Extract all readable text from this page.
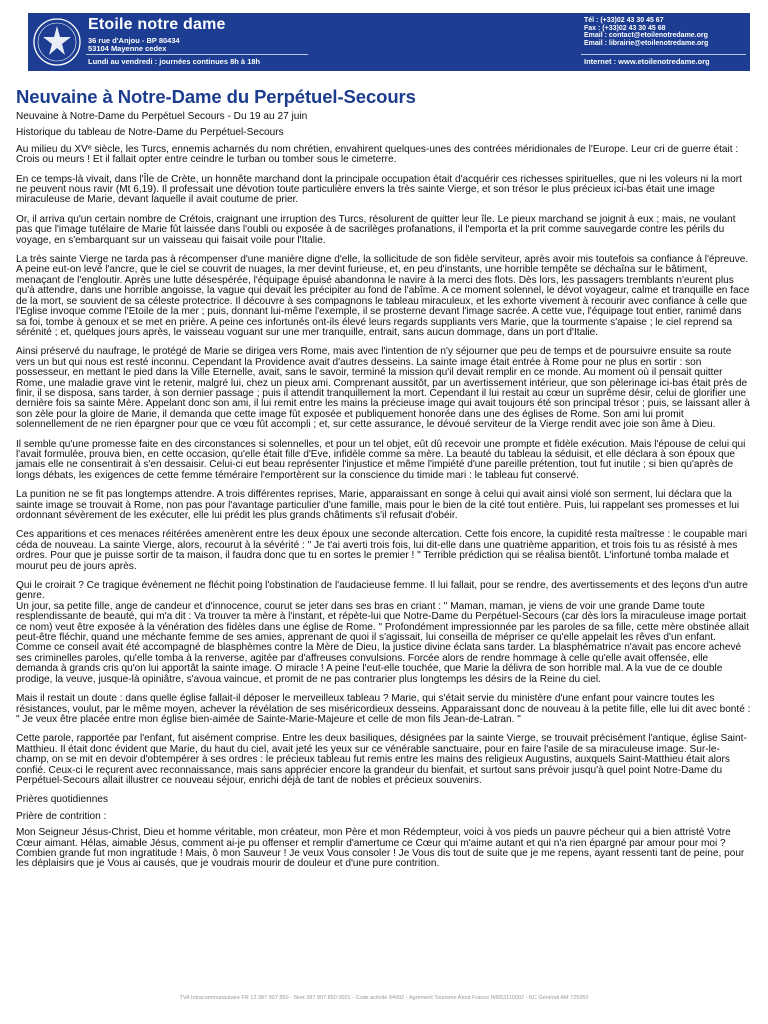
Etoile notre dame
36 rue d'Anjou - BP 80434
53104 Mayenne cedex
Lundi au vendredi : journées continues 8h à 18h
Tél : (+33)02 43 30 45 67
Fax : (+33)02 43 30 45 68
Email : contact@etoilenotredame.org
Email : librairie@etoilenotredame.org
Internet : www.etoilenotredame.org
Neuvaine à Notre-Dame du Perpétuel-Secours

Neuvaine à Notre-Dame du Perpétuel Secours - Du 19 au 27 juin

Historique du tableau de Notre-Dame du Perpétuel-Secours

Au milieu du XVᵉ siècle, les Turcs, ennemis acharnés du nom chrétien, envahirent quelques-unes des contrées méridionales de l'Europe. Leur cri de guerre était : Crois ou meurs ! Et il fallait opter entre ceindre le turban ou tomber sous le cimeterre.

En ce temps-là vivait, dans l'Île de Crète, un honnête marchand dont la principale occupation était d'acquérir ces richesses spirituelles, que ni les voleurs ni la mort ne peuvent nous ravir (Mt 6,19). Il professait une dévotion toute particulière envers la très sainte Vierge, et son trésor le plus précieux ici-bas était une image miraculeuse de Marie, devant laquelle il avait coutume de prier.

Or, il arriva qu'un certain nombre de Crétois, craignant une irruption des Turcs, résolurent de quitter leur île. Le pieux marchand se joignit à eux ; mais, ne voulant pas que l'image tutélaire de Marie fût laissée dans l'oubli ou exposée à de sacrilèges profanations, il l'emporta et la prit comme sauvegarde contre les périls du voyage, en s'embarquant sur un vaisseau qui faisait voile pour l'Italie.

La très sainte Vierge ne tarda pas à récompenser d'une manière digne d'elle, la sollicitude de son fidèle serviteur, après avoir mis toutefois sa confiance à l'épreuve. A peine eut-on levé l'ancre, que le ciel se couvrit de nuages, la mer devint furieuse, et, en peu d'instants, une horrible tempête se déchaîna sur le bâtiment, menaçant de l'engloutir. Après une lutte désespérée, l'équipage épuisé abandonna le navire à la merci des flots. Dès lors, les passagers tremblants n'eurent plus qu'à attendre, dans une horrible angoisse, la vague qui devait les précipiter au fond de l'abîme. A ce moment solennel, le dévot voyageur, calme et tranquille en face de la mort, se souvient de sa céleste protectrice. Il découvre à ses compagnons le tableau miraculeux, et les exhorte vivement à recourir avec confiance à celle que l'Eglise invoque comme l'Etoile de la mer ; puis, donnant lui-même l'exemple, il se prosterne devant l'image sacrée. A cette vue, l'équipage tout entier, ranimé dans sa foi, tombe à genoux et se met en prière. A peine ces infortunés ont-ils élevé leurs regards suppliants vers Marie, que la tourmente s'apaise ; le ciel reprend sa sérénité ; et, quelques jours après, le vaisseau voguant sur une mer tranquille, entrait, sans aucun dommage, dans un port d'Italie.

Ainsi préservé du naufrage, le protégé de Marie se dirigea vers Rome, mais avec l'intention de n'y séjourner que peu de temps et de poursuivre ensuite sa route vers un but qui nous est resté inconnu. Cependant la Providence avait d'autres desseins. La sainte image était entrée à Rome pour ne plus en sortir : son possesseur, en mettant le pied dans la Ville Eternelle, avait, sans le savoir, terminé la mission qu'il devait remplir en ce monde. Au moment où il pensait quitter Rome, une maladie grave vint le retenir, malgré lui, chez un pieux ami. Comprenant aussitôt, par un avertissement intérieur, que son pèlerinage ici-bas était près de finir, il se disposa, sans tarder, à son dernier passage ; puis il attendit tranquillement la mort. Cependant il lui restait au cœur un suprême désir, celui de glorifier une dernière fois sa sainte Mère. Appelant donc son ami, il lui remit entre les mains la précieuse image qui avait toujours été son principal trésor ; puis, se laissant aller à son zèle pour la gloire de Marie, il demanda que cette image fût exposée et publiquement honorée dans une des églises de Rome. Son ami lui promit solennellement de ne rien épargner pour que ce vœu fût accompli ; et, sur cette assurance, le dévoué serviteur de la Vierge rendit avec joie son âme à Dieu.

Il semble qu'une promesse faite en des circonstances si solennelles, et pour un tel objet, eût dû recevoir une prompte et fidèle exécution. Mais l'épouse de celui qui l'avait formulée, prouva bien, en cette occasion, qu'elle était fille d'Eve, infidèle comme sa mère. La beauté du tableau la séduisit, et elle déclara à son époux que jamais elle ne consentirait à s'en dessaisir. Celui-ci eut beau représenter l'injustice et même l'impiété d'une pareille prétention, tout fut inutile ; si bien qu'après de longs débats, les exigences de cette femme téméraire l'emportèrent sur la conscience du timide mari : le tableau fut conservé.

La punition ne se fit pas longtemps attendre. A trois différentes reprises, Marie, apparaissant en songe à celui qui avait ainsi violé son serment, lui déclara que la sainte image se trouvait à Rome, non pas pour l'avantage particulier d'une famille, mais pour le bien de la cité tout entière. Puis, lui rappelant ses promesses et lui ordonnant sévèrement de les exécuter, elle lui prédit les plus grands châtiments s'il refusait d'obéir.

Ces apparitions et ces menaces réitérées amenèrent entre les deux époux une seconde altercation. Cette fois encore, la cupidité resta maîtresse : le coupable mari céda de nouveau. La sainte Vierge, alors, recourut à la sévérité : " Je t'ai averti trois fois, lui dit-elle dans une quatrième apparition, et trois fois tu as résisté à mes ordres. Pour que je puisse sortir de ta maison, il faudra donc que tu en sortes le premier ! " Terrible prédiction qui se réalisa bientôt. L'infortuné tomba malade et mourut peu de jours après.

Qui le croirait ? Ce tragique événement ne fléchit poing l'obstination de l'audacieuse femme. Il lui fallait, pour se rendre, des avertissements et des leçons d'un autre genre.

Un jour, sa petite fille, ange de candeur et d'innocence, courut se jeter dans ses bras en criant : " Maman, maman, je viens de voir une grande Dame toute resplendissante de beauté, qui m'a dit : Va trouver ta mère à l'instant, et répète-lui que Notre-Dame du Perpétuel-Secours (car dès lors la miraculeuse image portait ce nom) veut être exposée à la vénération des fidèles dans une église de Rome. " Profondément impressionnée par les paroles de sa fille, cette mère obstinée allait peut-être fléchir, quand une méchante femme de ses amies, apprenant de quoi il s'agissait, lui conseilla de mépriser ce qu'elle appelait les rêves d'un enfant. Comme ce conseil avait été accompagné de blasphèmes contre la Mère de Dieu, la justice divine éclata sans tarder. La blasphématrice n'avait pas encore achevé ses criminelles paroles, qu'elle tomba à la renverse, agitée par d'affreuses convulsions. Forcée alors de rendre hommage à celle qu'elle avait offensée, elle demanda à grands cris qu'on lui apportât la sainte image. O miracle ! A peine l'eut-elle touchée, que Marie la délivra de son horrible mal. A la vue de ce double prodige, la veuve, jusque-là opiniâtre, s'avoua vaincue, et promit de ne pas contrarier plus longtemps les désirs de la Reine du ciel.

Mais il restait un doute : dans quelle église fallait-il déposer le merveilleux tableau ? Marie, qui s'était servie du ministère d'une enfant pour vaincre toutes les résistances, voulut, par le même moyen, achever la révélation de ses miséricordieux desseins. Apparaissant donc de nouveau à la petite fille, elle lui dit avec bonté : " Je veux être placée entre mon église bien-aimée de Sainte-Marie-Majeure et celle de mon fils Jean-de-Latran. "

Cette parole, rapportée par l'enfant, fut aisément comprise. Entre les deux basiliques, désignées par la sainte Vierge, se trouvait précisément l'antique, église Saint-Matthieu. Il était donc évident que Marie, du haut du ciel, avait jeté les yeux sur ce vénérable sanctuaire, pour en faire l'asile de sa miraculeuse image. Sur-le-champ, on se mit en devoir d'obtempérer à ses ordres : le précieux tableau fut remis entre les mains des religieux Augustins, auxquels Saint-Matthieu était alors confié. Ceux-ci le reçurent avec reconnaissance, mais sans apprécier encore la grandeur du bienfait, et surtout sans prévoir jusqu'à quel point Notre-Dame du Perpétuel-Secours allait illustrer ce nouveau séjour, enrichi déjà de tant de nobles et précieux souvenirs.

Prières quotidiennes

Prière de contrition :

Mon Seigneur Jésus-Christ, Dieu et homme véritable, mon créateur, mon Père et mon Rédempteur, voici à vos pieds un pauvre pécheur qui a bien attristé Votre Cœur aimant. Hélas, aimable Jésus, comment ai-je pu offenser et remplir d'amertume ce Cœur qui m'aime autant et qui n'a rien épargné par amour pour moi ? Combien grande fut mon ingratitude ! Mais, ô mon Sauveur ! Je veux Vous consoler ! Je Vous dis tout de suite que je me repens, ayant ressenti tant de peine, pour les déplaisirs que je Vous ai causés, que je voudrais mourir de douleur et d'une pure contrition.

TVA Intracommunautaire FR 12 387 907 850 - Siret 387 907 850 0001 - Code activité 9499Z - Agrément Tourisme Atout France IM053110002 - RC Générali AM 725950
